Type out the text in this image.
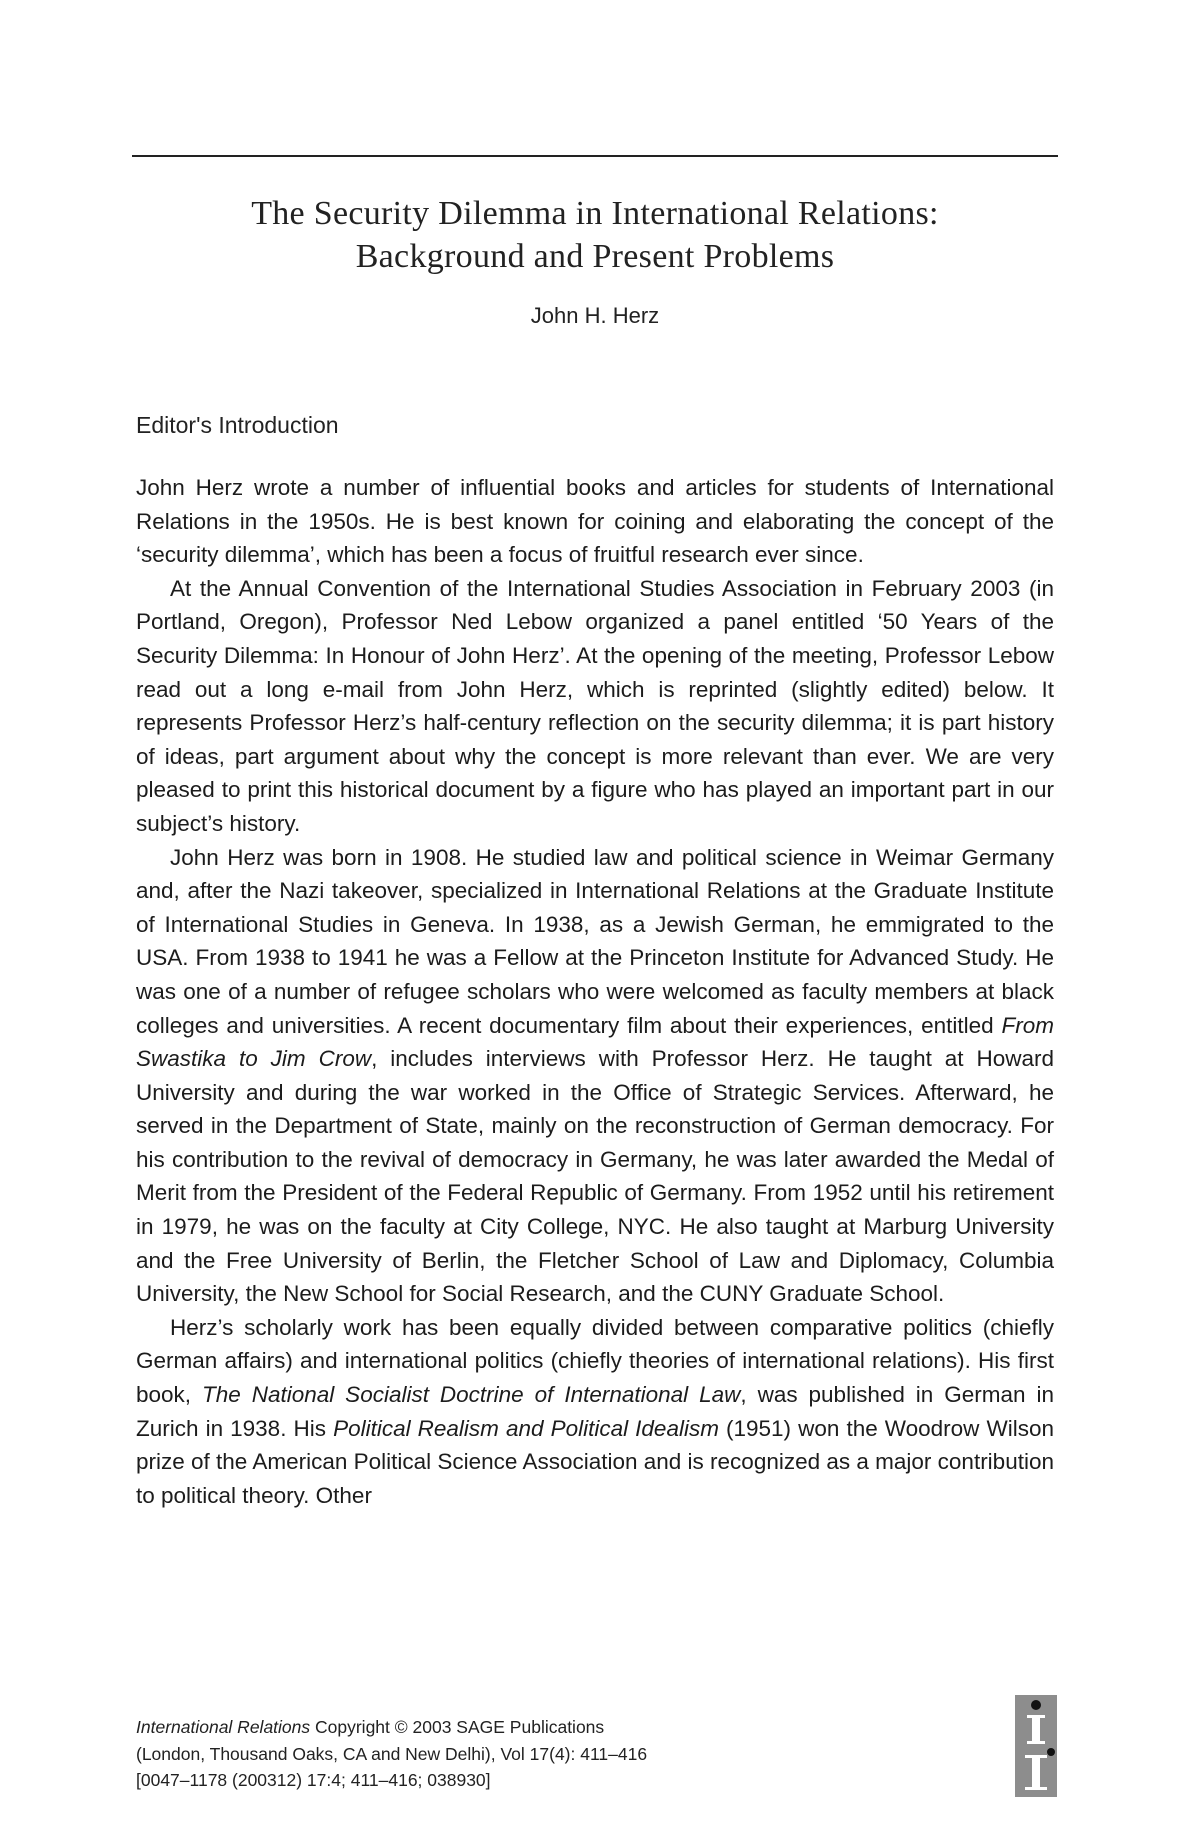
The Security Dilemma in International Relations:
Background and Present Problems
John H. Herz
Editor's Introduction

John Herz wrote a number of influential books and articles for students of International Relations in the 1950s. He is best known for coining and elaborating the concept of the ‘security dilemma’, which has been a focus of fruitful research ever since.

At the Annual Convention of the International Studies Association in February 2003 (in Portland, Oregon), Professor Ned Lebow organized a panel entitled ‘50 Years of the Security Dilemma: In Honour of John Herz’. At the opening of the meeting, Professor Lebow read out a long e-mail from John Herz, which is reprinted (slightly edited) below. It represents Professor Herz’s half-century reflection on the security dilemma; it is part history of ideas, part argument about why the concept is more relevant than ever. We are very pleased to print this historical document by a figure who has played an important part in our subject’s history.

John Herz was born in 1908. He studied law and political science in Weimar Germany and, after the Nazi takeover, specialized in International Relations at the Graduate Institute of International Studies in Geneva. In 1938, as a Jewish German, he emmigrated to the USA. From 1938 to 1941 he was a Fellow at the Princeton Institute for Advanced Study. He was one of a number of refugee scholars who were welcomed as faculty members at black colleges and universities. A recent documentary film about their experiences, entitled From Swastika to Jim Crow, includes interviews with Professor Herz. He taught at Howard University and during the war worked in the Office of Strategic Services. Afterward, he served in the Department of State, mainly on the reconstruction of German democracy. For his contribution to the revival of democracy in Germany, he was later awarded the Medal of Merit from the President of the Federal Republic of Germany. From 1952 until his retirement in 1979, he was on the faculty at City College, NYC. He also taught at Marburg University and the Free University of Berlin, the Fletcher School of Law and Diplomacy, Columbia University, the New School for Social Research, and the CUNY Graduate School.

Herz’s scholarly work has been equally divided between comparative politics (chiefly German affairs) and international politics (chiefly theories of international relations). His first book, The National Socialist Doctrine of International Law, was published in German in Zurich in 1938. His Political Realism and Political Idealism (1951) won the Woodrow Wilson prize of the American Political Science Association and is recognized as a major contribution to political theory. Other

International Relations Copyright © 2003 SAGE Publications
(London, Thousand Oaks, CA and New Delhi), Vol 17(4): 411–416
[0047–1178 (200312) 17:4; 411–416; 038930]
